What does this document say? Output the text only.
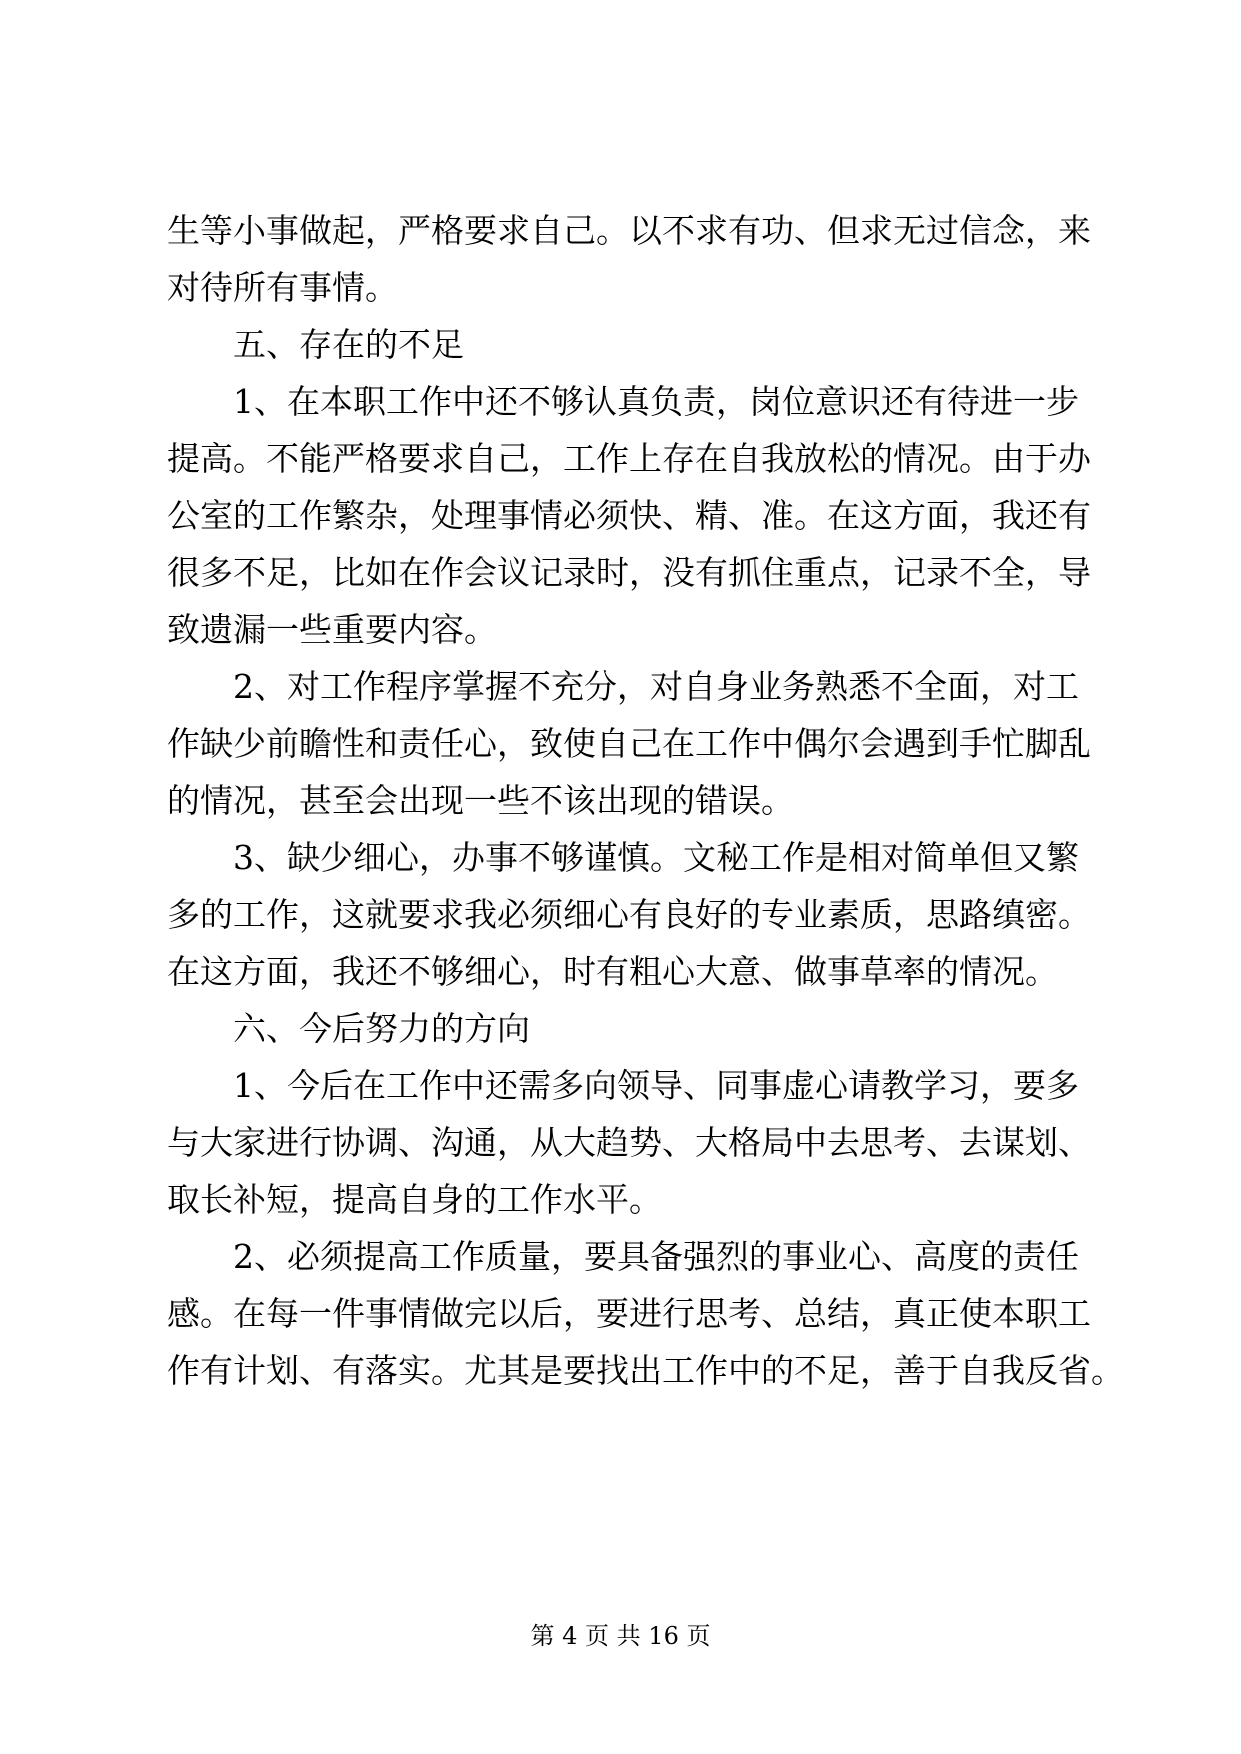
生等小事做起，严格要求自己。以不求有功、但求无过信念，来
对待所有事情。
五、存在的不足
1、在本职工作中还不够认真负责，岗位意识还有待进一步
提高。不能严格要求自己，工作上存在自我放松的情况。由于办
公室的工作繁杂，处理事情必须快、精、准。在这方面，我还有
很多不足，比如在作会议记录时，没有抓住重点，记录不全，导
致遗漏一些重要内容。
2、对工作程序掌握不充分，对自身业务熟悉不全面，对工
作缺少前瞻性和责任心，致使自己在工作中偶尔会遇到手忙脚乱
的情况，甚至会出现一些不该出现的错误。
3、缺少细心，办事不够谨慎。文秘工作是相对简单但又繁
多的工作，这就要求我必须细心有良好的专业素质，思路缜密。
在这方面，我还不够细心，时有粗心大意、做事草率的情况。
六、今后努力的方向
1、今后在工作中还需多向领导、同事虚心请教学习，要多
与大家进行协调、沟通，从大趋势、大格局中去思考、去谋划、
取长补短，提高自身的工作水平。
2、必须提高工作质量，要具备强烈的事业心、高度的责任
感。在每一件事情做完以后，要进行思考、总结，真正使本职工
作有计划、有落实。尤其是要找出工作中的不足，善于自我反省。
第 4 页 共 16 页
